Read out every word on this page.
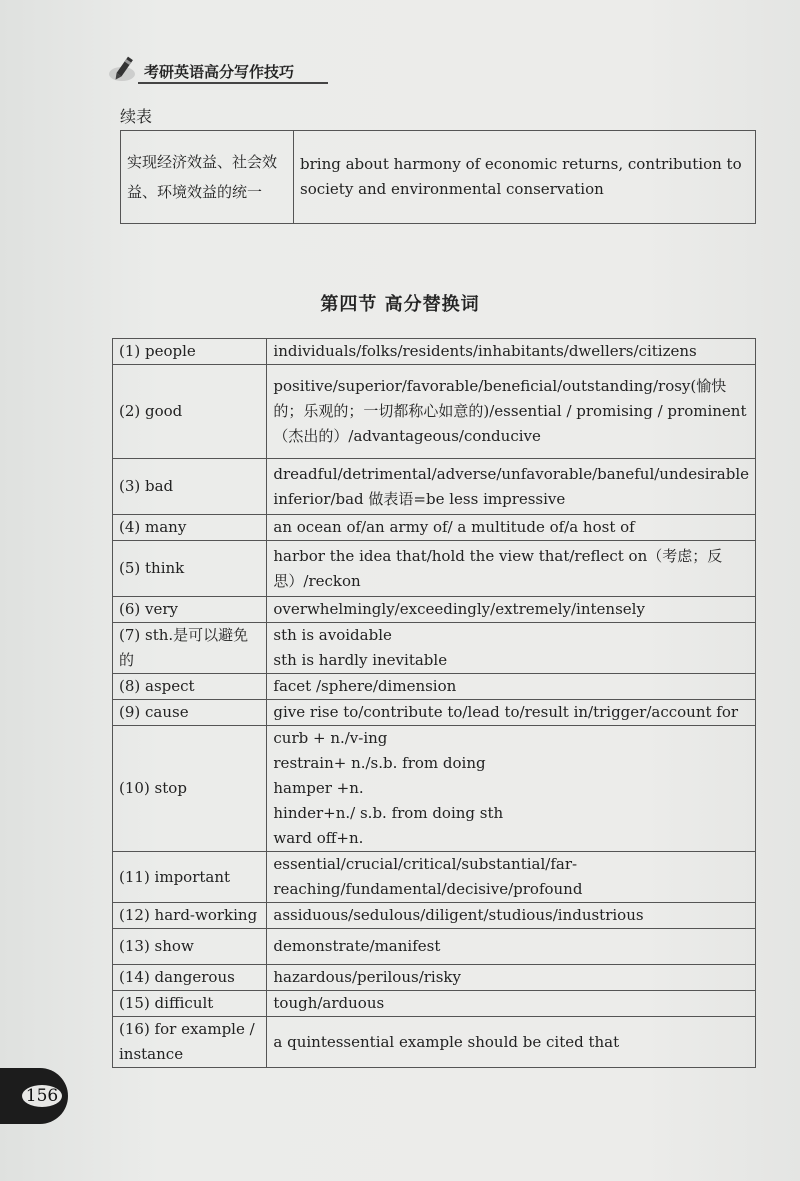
考研英语高分写作技巧
续表
实现经济效益、社会效益、环境效益的统一	bring about harmony of economic returns, contribution to society and environmental conservation
第四节 高分替换词
(1) people	individuals/folks/residents/inhabitants/dwellers/citizens

(2) good	positive/superior/favorable/beneficial/outstanding/rosy(愉快的；乐观的；一切都称心如意的)/essential / promising / prominent（杰出的）/advantageous/conducive

(3) bad	dreadful/detrimental/adverse/unfavorable/baneful/undesirable
inferior/bad 做表语=be less impressive

(4) many	an ocean of/an army of/ a multitude of/a host of

(5) think	harbor the idea that/hold the view that/reflect on（考虑；反思）/reckon

(6) very	overwhelmingly/exceedingly/extremely/intensely

(7) sth.是可以避免的	sth is avoidable
sth is hardly inevitable

(8) aspect	facet /sphere/dimension

(9) cause	give rise to/contribute to/lead to/result in/trigger/account for

(10) stop	curb + n./v-ing
restrain+ n./s.b. from doing
hamper +n.
hinder+n./ s.b. from doing sth
ward off+n.

(11) important	essential/crucial/critical/substantial/far-reaching/fundamental/decisive/profound

(12) hard-working	assiduous/sedulous/diligent/studious/industrious

(13) show	demonstrate/manifest

(14) dangerous	hazardous/perilous/risky

(15) difficult	tough/arduous

(16) for example / instance	a quintessential example should be cited that
156
